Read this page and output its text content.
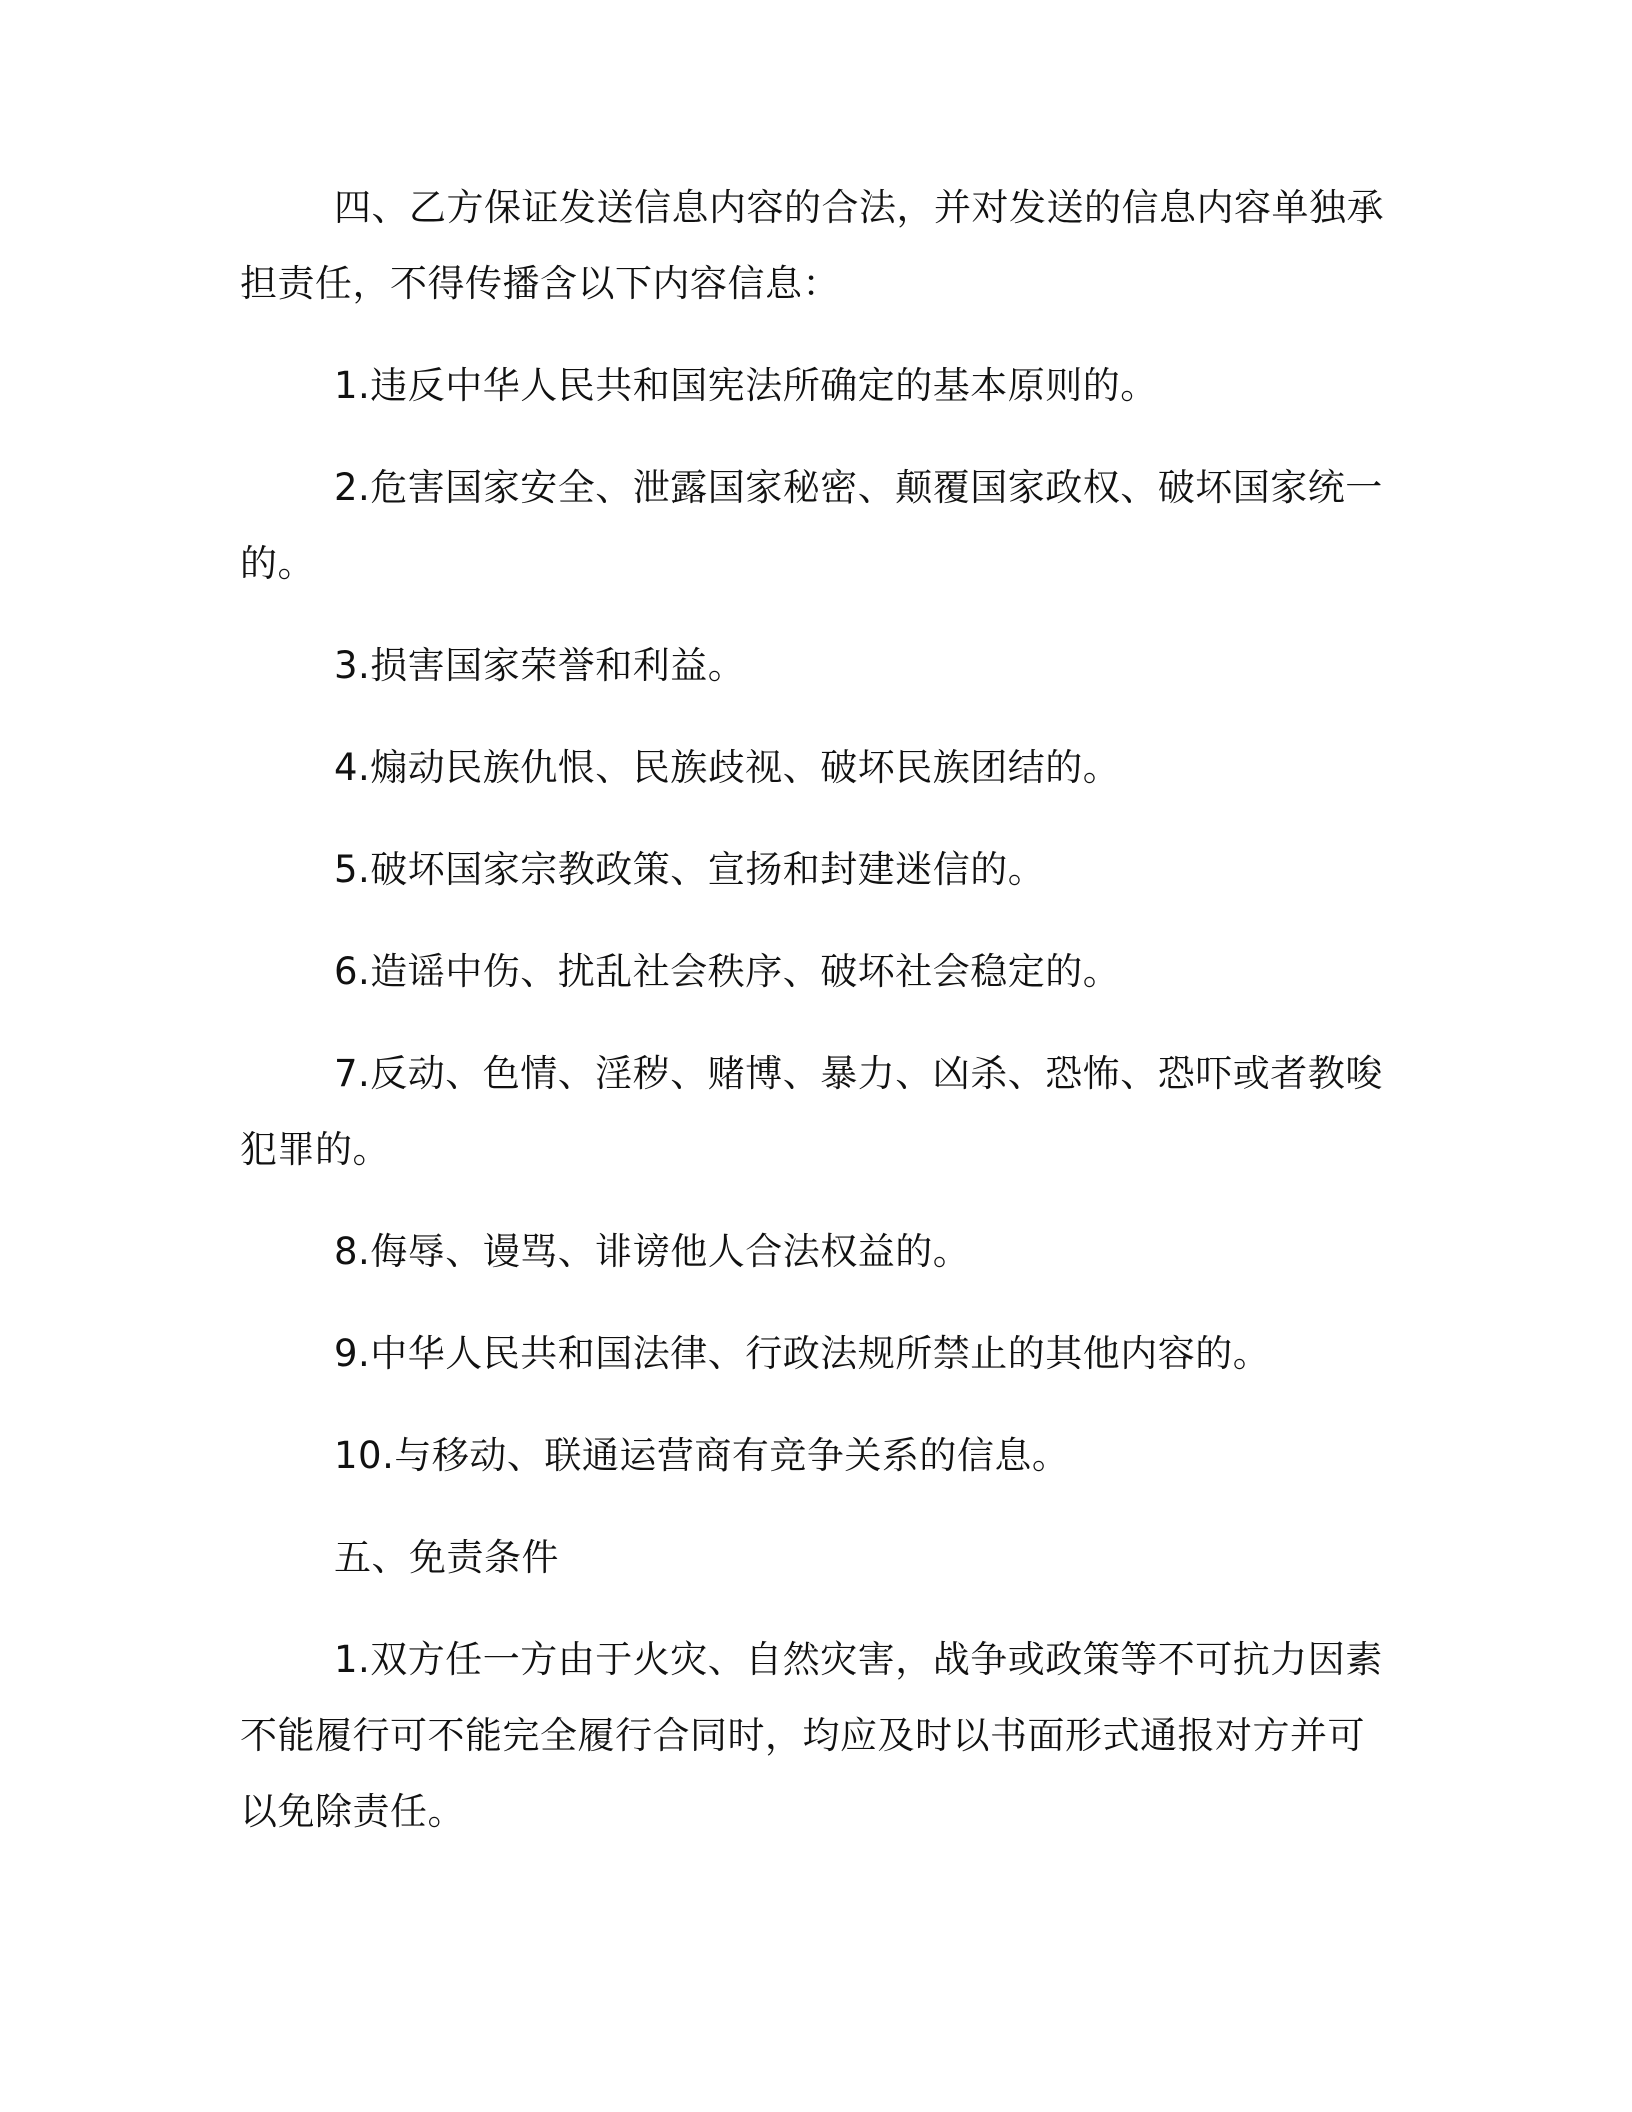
四、乙方保证发送信息内容的合法，并对发送的信息内容单独承担责任，不得传播含以下内容信息：

1.违反中华人民共和国宪法所确定的基本原则的。

2.危害国家安全、泄露国家秘密、颠覆国家政权、破坏国家统一的。

3.损害国家荣誉和利益。

4.煽动民族仇恨、民族歧视、破坏民族团结的。

5.破坏国家宗教政策、宣扬和封建迷信的。

6.造谣中伤、扰乱社会秩序、破坏社会稳定的。

7.反动、色情、淫秽、赌博、暴力、凶杀、恐怖、恐吓或者教唆犯罪的。

8.侮辱、谩骂、诽谤他人合法权益的。

9.中华人民共和国法律、行政法规所禁止的其他内容的。

10.与移动、联通运营商有竞争关系的信息。

五、免责条件

1.双方任一方由于火灾、自然灾害，战争或政策等不可抗力因素不能履行可不能完全履行合同时，均应及时以书面形式通报对方并可以免除责任。
